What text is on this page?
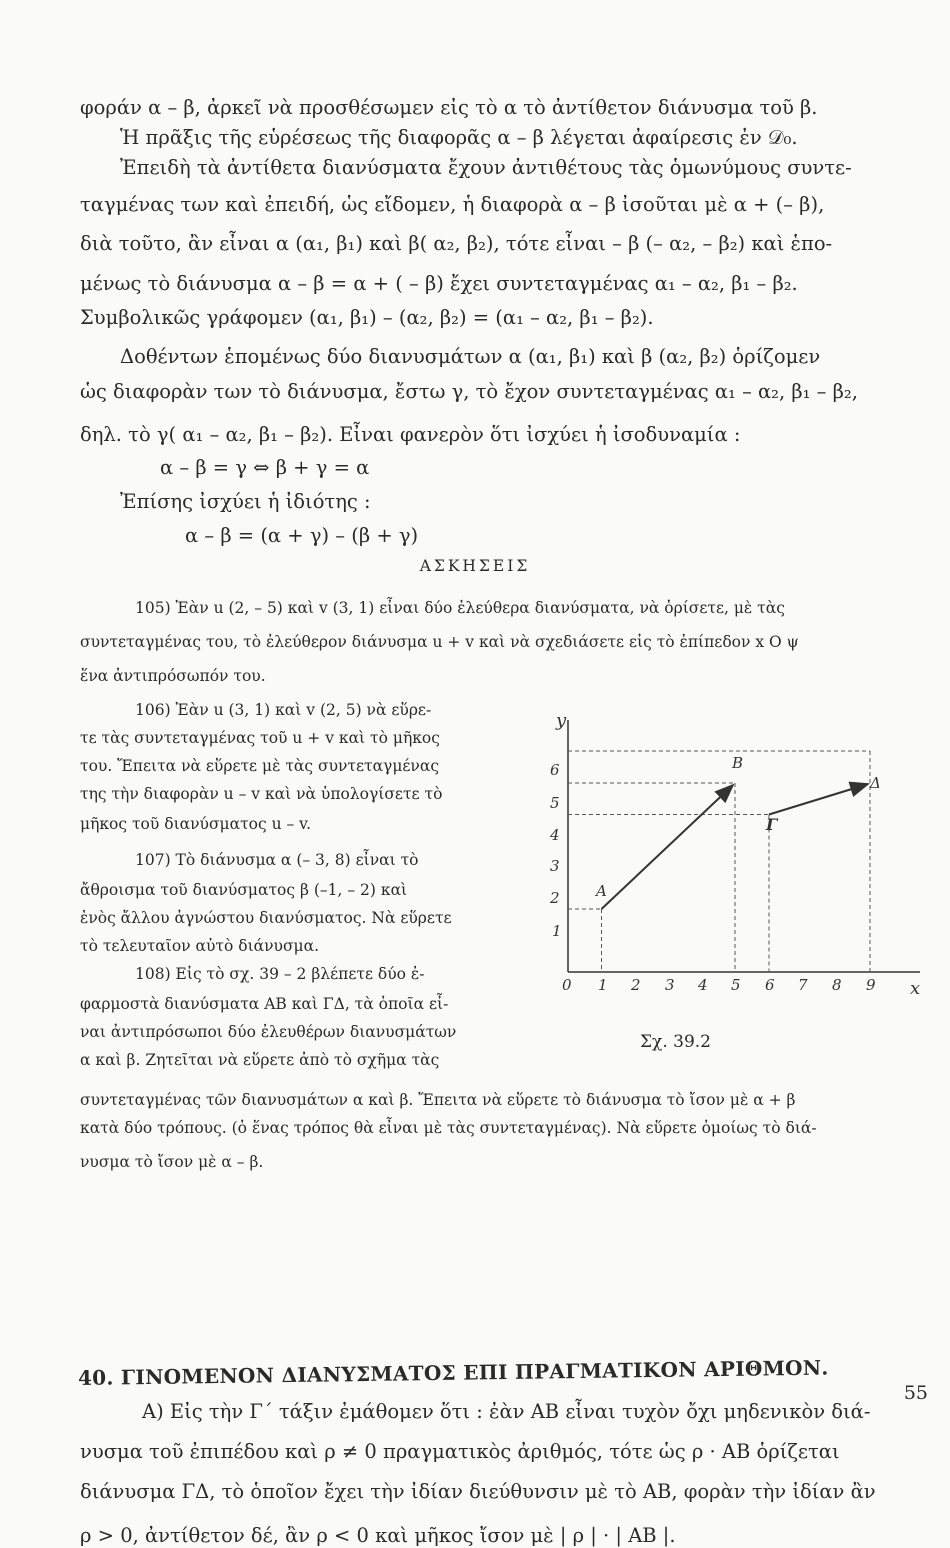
φοράν α – β, ἀρκεῖ νὰ προσθέσωμεν εἰς τὸ α τὸ ἀντίθετον διάνυσμα τοῦ β.
Ἡ πρᾶξις τῆς εὑρέσεως τῆς διαφορᾶς α – β λέγεται ἀφαίρεσις ἐν 𝒟₀.
Ἐπειδὴ τὰ ἀντίθετα διανύσματα ἔχουν ἀντιθέτους τὰς ὁμωνύμους συντε-
ταγμένας των καὶ ἐπειδή, ὡς εἴδομεν, ἡ διαφορὰ α – β ἰσοῦται μὲ α + (– β),
διὰ τοῦτο, ἂν εἶναι α (α₁, β₁) καὶ β( α₂, β₂), τότε εἶναι – β (– α₂, – β₂) καὶ ἑπο-
μένως τὸ διάνυσμα α – β = α + ( – β) ἔχει συντεταγμένας α₁ – α₂, β₁ – β₂.
Συμβολικῶς γράφομεν (α₁, β₁) – (α₂, β₂) = (α₁ – α₂, β₁ – β₂).
Δοθέντων ἑπομένως δύο διανυσμάτων α (α₁, β₁) καὶ β (α₂, β₂) ὁρίζομεν
ὡς διαφορὰν των τὸ διάνυσμα, ἔστω γ, τὸ ἔχον συντεταγμένας α₁ – α₂, β₁ – β₂,
δηλ. τὸ γ( α₁ – α₂, β₁ – β₂). Εἶναι φανερὸν ὅτι ἰσχύει ἡ ἰσοδυναμία :
α – β = γ ⇔ β + γ = α
Ἐπίσης ἰσχύει ἡ ἰδιότης :
α – β = (α + γ) – (β + γ)
ΑΣΚΗΣΕΙΣ
105) Ἐὰν u (2, – 5) καὶ v (3, 1) εἶναι δύο ἐλεύθερα διανύσματα, νὰ ὁρίσετε, μὲ τὰς
συντεταγμένας του, τὸ ἐλεύθερον διάνυσμα u + v καὶ νὰ σχεδιάσετε εἰς τὸ ἐπίπεδον x O ψ
ἕνα ἀντιπρόσωπόν του.
106) Ἐὰν u (3, 1) καὶ v (2, 5) νὰ εὕρε-
τε τὰς συντεταγμένας τοῦ u + v καὶ τὸ μῆκος
του. Ἔπειτα νὰ εὕρετε μὲ τὰς συντεταγμένας
της τὴν διαφορὰν u – v καὶ νὰ ὑπολογίσετε τὸ
μῆκος τοῦ διανύσματος u – v.
107) Τὸ διάνυσμα α (– 3, 8) εἶναι τὸ
ἄθροισμα τοῦ διανύσματος β (–1, – 2) καὶ
ἑνὸς ἄλλου ἀγνώστου διανύσματος. Νὰ εὕρετε
τὸ τελευταῖον αὐτὸ διάνυσμα.
108) Εἰς τὸ σχ. 39 – 2 βλέπετε δύο ἐ-
φαρμοστὰ διανύσματα AB καὶ ΓΔ, τὰ ὁποῖα εἶ-
ναι ἀντιπρόσωποι δύο ἐλευθέρων διανυσμάτων
α καὶ β. Ζητεῖται νὰ εὕρετε ἀπὸ τὸ σχῆμα τὰς
συντεταγμένας τῶν διανυσμάτων α καὶ β. Ἔπειτα νὰ εὕρετε τὸ διάνυσμα τὸ ἴσον μὲ α + β
κατὰ δύο τρόπους. (ὁ ἕνας τρόπος θὰ εἶναι μὲ τὰς συντεταγμένας). Νὰ εὕρετε ὁμοίως τὸ διά-
νυσμα τὸ ἴσον μὲ α – β.
y
x
6
5
4
3
2
1
0 1 2 3 4 5 6 7 8 9
A
B
Γ
Δ
Σχ. 39.2
40. ΓΙΝΟΜΕΝΟΝ ΔΙΑΝΥΣΜΑΤΟΣ ΕΠΙ ΠΡΑΓΜΑΤΙΚΟΝ ΑΡΙΘΜΟΝ.
Α) Εἰς τὴν Γ΄ τάξιν ἐμάθομεν ὅτι : ἐὰν AB εἶναι τυχὸν ὄχι μηδενικὸν διά-
νυσμα τοῦ ἐπιπέδου καὶ ρ ≠ 0 πραγματικὸς ἀριθμός, τότε ὡς ρ · AB ὁρίζεται
διάνυσμα ΓΔ, τὸ ὁποῖον ἔχει τὴν ἰδίαν διεύθυνσιν μὲ τὸ AB, φορὰν τὴν ἰδίαν ἂν
ρ > 0, ἀντίθετον δέ, ἂν ρ < 0 καὶ μῆκος ἴσον μὲ | ρ | · | AB |.
55
